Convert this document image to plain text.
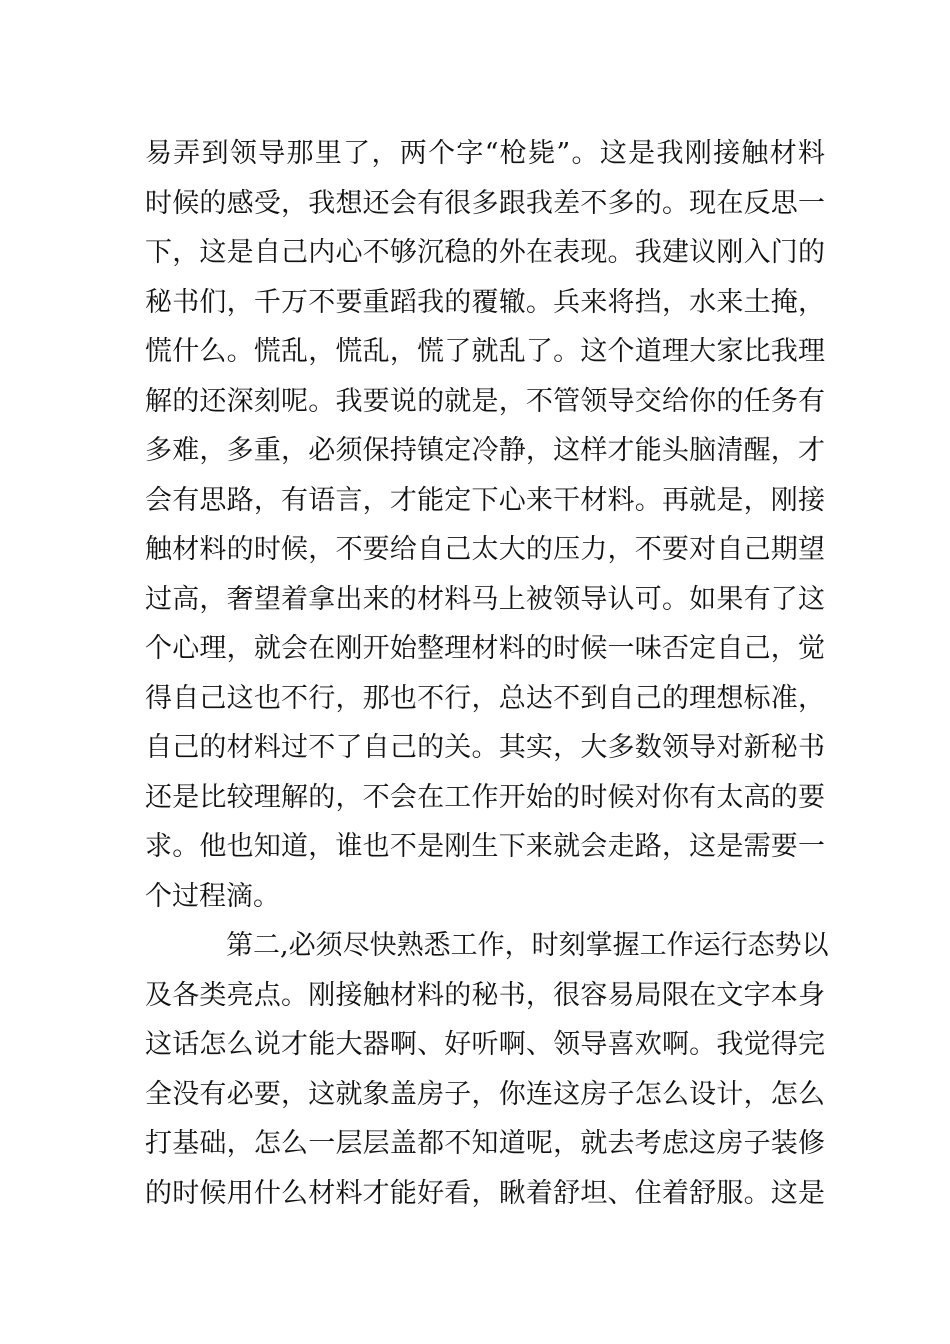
易弄到领导那里了，两个字“枪毙”。这是我刚接触材料
时候的感受，我想还会有很多跟我差不多的。现在反思一
下，这是自己内心不够沉稳的外在表现。我建议刚入门的
秘书们，千万不要重蹈我的覆辙。兵来将挡，水来土掩，
慌什么。慌乱，慌乱，慌了就乱了。这个道理大家比我理
解的还深刻呢。我要说的就是，不管领导交给你的任务有
多难，多重，必须保持镇定冷静，这样才能头脑清醒，才
会有思路，有语言，才能定下心来干材料。再就是，刚接
触材料的时候，不要给自己太大的压力，不要对自己期望
过高，奢望着拿出来的材料马上被领导认可。如果有了这
个心理，就会在刚开始整理材料的时候一味否定自己，觉
得自己这也不行，那也不行，总达不到自己的理想标准，
自己的材料过不了自己的关。其实，大多数领导对新秘书
还是比较理解的，不会在工作开始的时候对你有太高的要
求。他也知道，谁也不是刚生下来就会走路，这是需要一
个过程滴。
第二,必须尽快熟悉工作，时刻掌握工作运行态势以
及各类亮点。刚接触材料的秘书，很容易局限在文字本身
这话怎么说才能大器啊、好听啊、领导喜欢啊。我觉得完
全没有必要，这就象盖房子，你连这房子怎么设计，怎么
打基础，怎么一层层盖都不知道呢，就去考虑这房子装修
的时候用什么材料才能好看，瞅着舒坦、住着舒服。这是
